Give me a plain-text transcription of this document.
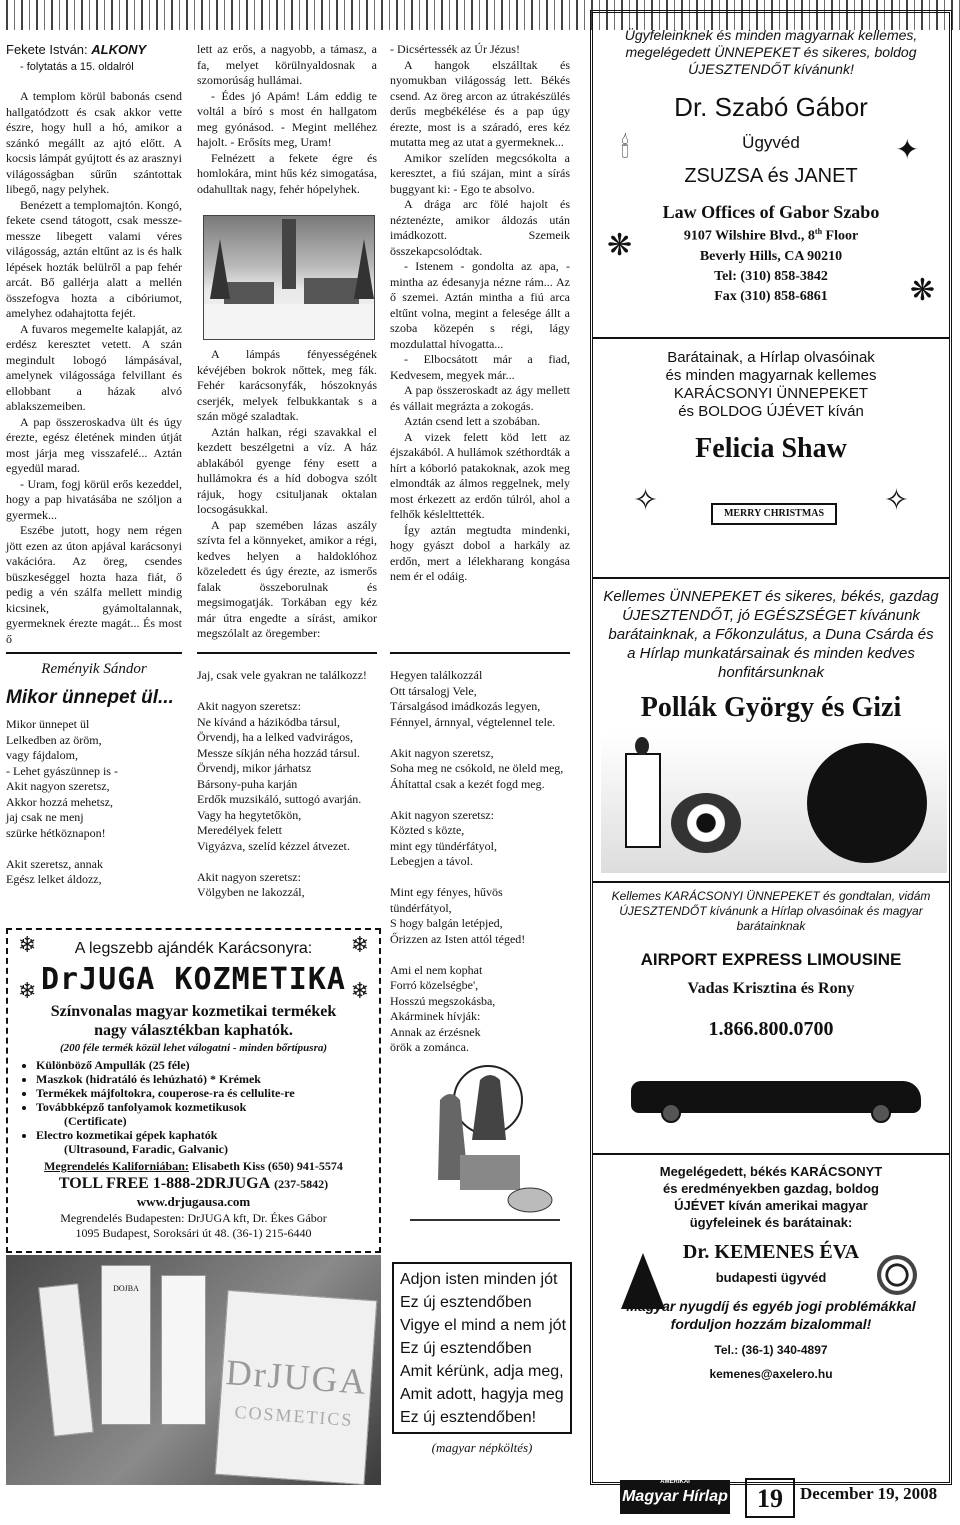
Fekete István: ALKONY
- folytatás a 15. oldalról

A templom körül babonás csend hallgatódzott és csak akkor vette észre, hogy hull a hó, amikor a szánkó megállt az ajtó előtt. A kocsis lámpát gyújtott és az arasznyi világosságban sűrűn szántottak libegő, nagy pelyhek.

Benézett a templomajtón. Kongó, fekete csend tátogott, csak messze-messze libegett valami véres világosság, aztán eltűnt az is és halk lépések hozták belülről a pap fehér arcát. Bő gallérja alatt a mellén összefogva hozta a cibóriumot, amelyhez odahajtotta fejét.

A fuvaros megemelte kalapját, az erdész keresztet vetett. A szán megindult lobogó lámpásával, amelynek világossága felvillant és ellobbant a házak alvó ablakszemeiben.

A pap összeroskadva ült és úgy érezte, egész életének minden útját most járja meg visszafelé... Aztán egyedül marad.

- Uram, fogj körül erős kezeddel, hogy a pap hivatásába ne szóljon a gyermek...

Eszébe jutott, hogy nem régen jött ezen az úton apjával karácsonyi vakációra. Az öreg, csendes büszkeséggel hozta haza fiát, ő pedig a vén szálfa mellett mindig kicsinek, gyámoltalannak, gyermeknek érezte magát... És most ő

Reményik Sándor
Mikor ünnepet ül...
Mikor ünnepet ül
Lelkedben az öröm,
vagy fájdalom,
- Lehet gyászünnep is -
Akit nagyon szeretsz,
Akkor hozzá mehetsz,
jaj csak ne menj
szürke hétköznapon!

Akit szeretsz, annak
Egész lelket áldozz,

lett az erős, a nagyobb, a támasz, a fa, melyet körülnyaldosnak a szomorúság hullámai.

- Édes jó Apám! Lám eddig te voltál a bíró s most én hallgatom meg gyónásod. - Megint melléhez hajolt. - Erősíts meg, Uram!

Felnézett a fekete égre és homlokára, mint hűs kéz simogatása, odahulltak nagy, fehér hópelyhek.

A lámpás fényességének kévéjében bokrok nőttek, meg fák. Fehér karácsonyfák, hószoknyás cserjék, melyek felbukkantak s a szán mögé szaladtak.

Aztán halkan, régi szavakkal el kezdett beszélgetni a víz. A ház ablakából gyenge fény esett a hullámokra és a híd dobogva szólt rájuk, hogy csituljanak oktalan locsogásukkal.

A pap szemében lázas aszály szívta fel a könnyeket, amikor a régi, kedves helyen a haldoklóhoz közeledett és úgy érezte, az ismerős falak összeborulnak és megsimogatják. Torkában egy kéz már útra engedte a sírást, amikor megszólalt az öregember:

Jaj, csak vele gyakran ne találkozz!

Akit nagyon szeretsz:
Ne kívánd a házikódba társul,
Örvendj, ha a lelked vadvirágos,
Messze síkján néha hozzád társul.
Örvendj, mikor járhatsz
Bársony-puha karján
Erdők muzsikáló, suttogó avarján.
Vagy ha hegytetőkön,
Meredélyek felett
Vigyázva, szelíd kézzel átvezet.

Akit nagyon szeretsz:
Völgyben ne lakozzál,

- Dicsértessék az Úr Jézus!

A hangok elszálltak és nyomukban világosság lett. Békés csend. Az öreg arcon az útrakészülés derűs megbékélése és a pap úgy érezte, most is a száradó, eres kéz mutatta meg az utat a gyermeknek...

Amikor szelíden megcsókolta a keresztet, a fiú szájan, mint a sírás buggyant ki: - Ego te absolvo.

A drága arc fölé hajolt és néztenézte, amikor áldozás után imádkozott. Szemeik összekapcsolódtak.

- Istenem - gondolta az apa, - mintha az édesanyja nézne rám... Az ő szemei. Aztán mintha a fiú arca eltűnt volna, megint a felesége állt a szoba közepén s régi, lágy mozdulattal hívogatta...

- Elbocsátott már a fiad, Kedvesem, megyek már...

A pap összeroskadt az ágy mellett és vállait megrázta a zokogás.

Aztán csend lett a szobában.

A vizek felett köd lett az éjszakából. A hullámok széthordták a hírt a kóborló patakoknak, azok meg elmondták az álmos reggelnek, mely most érkezett az erdőn túlról, ahol a felhők késlelttették.

Így aztán megtudta mindenki, hogy gyászt dobol a harkály az erdőn, mert a lélekharang kongása nem ér el odáig.

Hegyen találkozzál
Ott társalogj Vele,
Társalgásod imádkozás legyen,
Fénnyel, árnnyal, végtelennel tele.

Akit nagyon szeretsz,
Soha meg ne csókold, ne öleld meg,
Áhítattal csak a kezét fogd meg.

Akit nagyon szeretsz:
Közted s közte,
mint egy tündérfátyol,
Lebegjen a távol.

Mint egy fényes, hűvös
tündérfátyol,
S hogy balgán letépjed,
Őrizzen az Isten attól téged!

Ami el nem kophat
Forró közelségbe',
Hosszú megszokásba,
Akárminek hívják:
Annak az érzésnek
örök a zománca.
Adjon isten minden jót
Ez új esztendőben
Vigye el mind a nem jót
Ez új esztendőben
Amit kérünk, adja meg,
Amit adott, hagyja meg
Ez új esztendőben!
(magyar népköltés)
❄	❄
❄	❄
A legszebb ajándék Karácsonyra:
DrJUGA KOZMETIKA
Színvonalas magyar kozmetikai termékek
nagy választékban kaphatók.
(200 féle termék közül lehet válogatni - minden bőrtípusra)
• Különböző Ampullák (25 féle)
• Maszkok (hidratáló és lehúzható) * Krémek
• Termékek májfoltokra, couperose-ra és cellulite-re
• Továbbképző tanfolyamok kozmetikusok
(Certificate)
• Electro kozmetikai gépek kaphatók
(Ultrasound, Faradic, Galvanic)
Megrendelés Kaliforniában: Elisabeth Kiss (650) 941-5574
TOLL FREE 1-888-2DRJUGA (237-5842)
www.drjugausa.com
Megrendelés Budapesten: DrJUGA kft, Dr. Ékes Gábor
1095 Budapest, Soroksári út 48. (36-1) 215-6440
DOJBA
DrJUGA
COSMETICS
Ügyfeleinknek és minden magyarnak kellemes, megelégedett ÜNNEPEKET és sikeres, boldog ÚJESZTENDŐT kívánunk!
Dr. Szabó Gábor
Ügyvéd
ZSUZSA és JANET
Law Offices of Gabor Szabo
9107 Wilshire Blvd., 8th Floor
Beverly Hills, CA 90210
Tel: (310) 858-3842
Fax (310) 858-6861
🕯	✦
❋
❋
Barátainak, a Hírlap olvasóinak
és minden magyarnak kellemes
KARÁCSONYI ÜNNEPEKET
és BOLDOG ÚJÉVET kíván
Felicia Shaw
MERRY CHRISTMAS
✧	✧
Kellemes ÜNNEPEKET és sikeres, békés, gazdag ÚJESZTENDŐT, jó EGÉSZSÉGET kívánunk barátainknak, a Főkonzulátus, a Duna Csárda és a Hírlap munkatársainak és minden kedves honfitársunknak
Pollák György és Gizi
Kellemes KARÁCSONYI ÜNNEPEKET és gondtalan, vidám ÚJESZTENDŐT kívánunk a Hírlap olvasóinak és magyar barátainknak
AIRPORT EXPRESS LIMOUSINE
Vadas Krisztina és Rony
1.866.800.0700
Megelégedett, békés KARÁCSONYT és eredményekben gazdag, boldog ÚJÉVET kíván amerikai magyar ügyfeleinek és barátainak:
Dr. KEMENES ÉVA
budapesti ügyvéd
Magyar nyugdíj és egyéb jogi problémákkal forduljon hozzám bizalommal!
Tel.: (36-1) 340-4897
kemenes@axelero.hu
AMERIKAI
Magyar Hírlap	19	December 19, 2008
